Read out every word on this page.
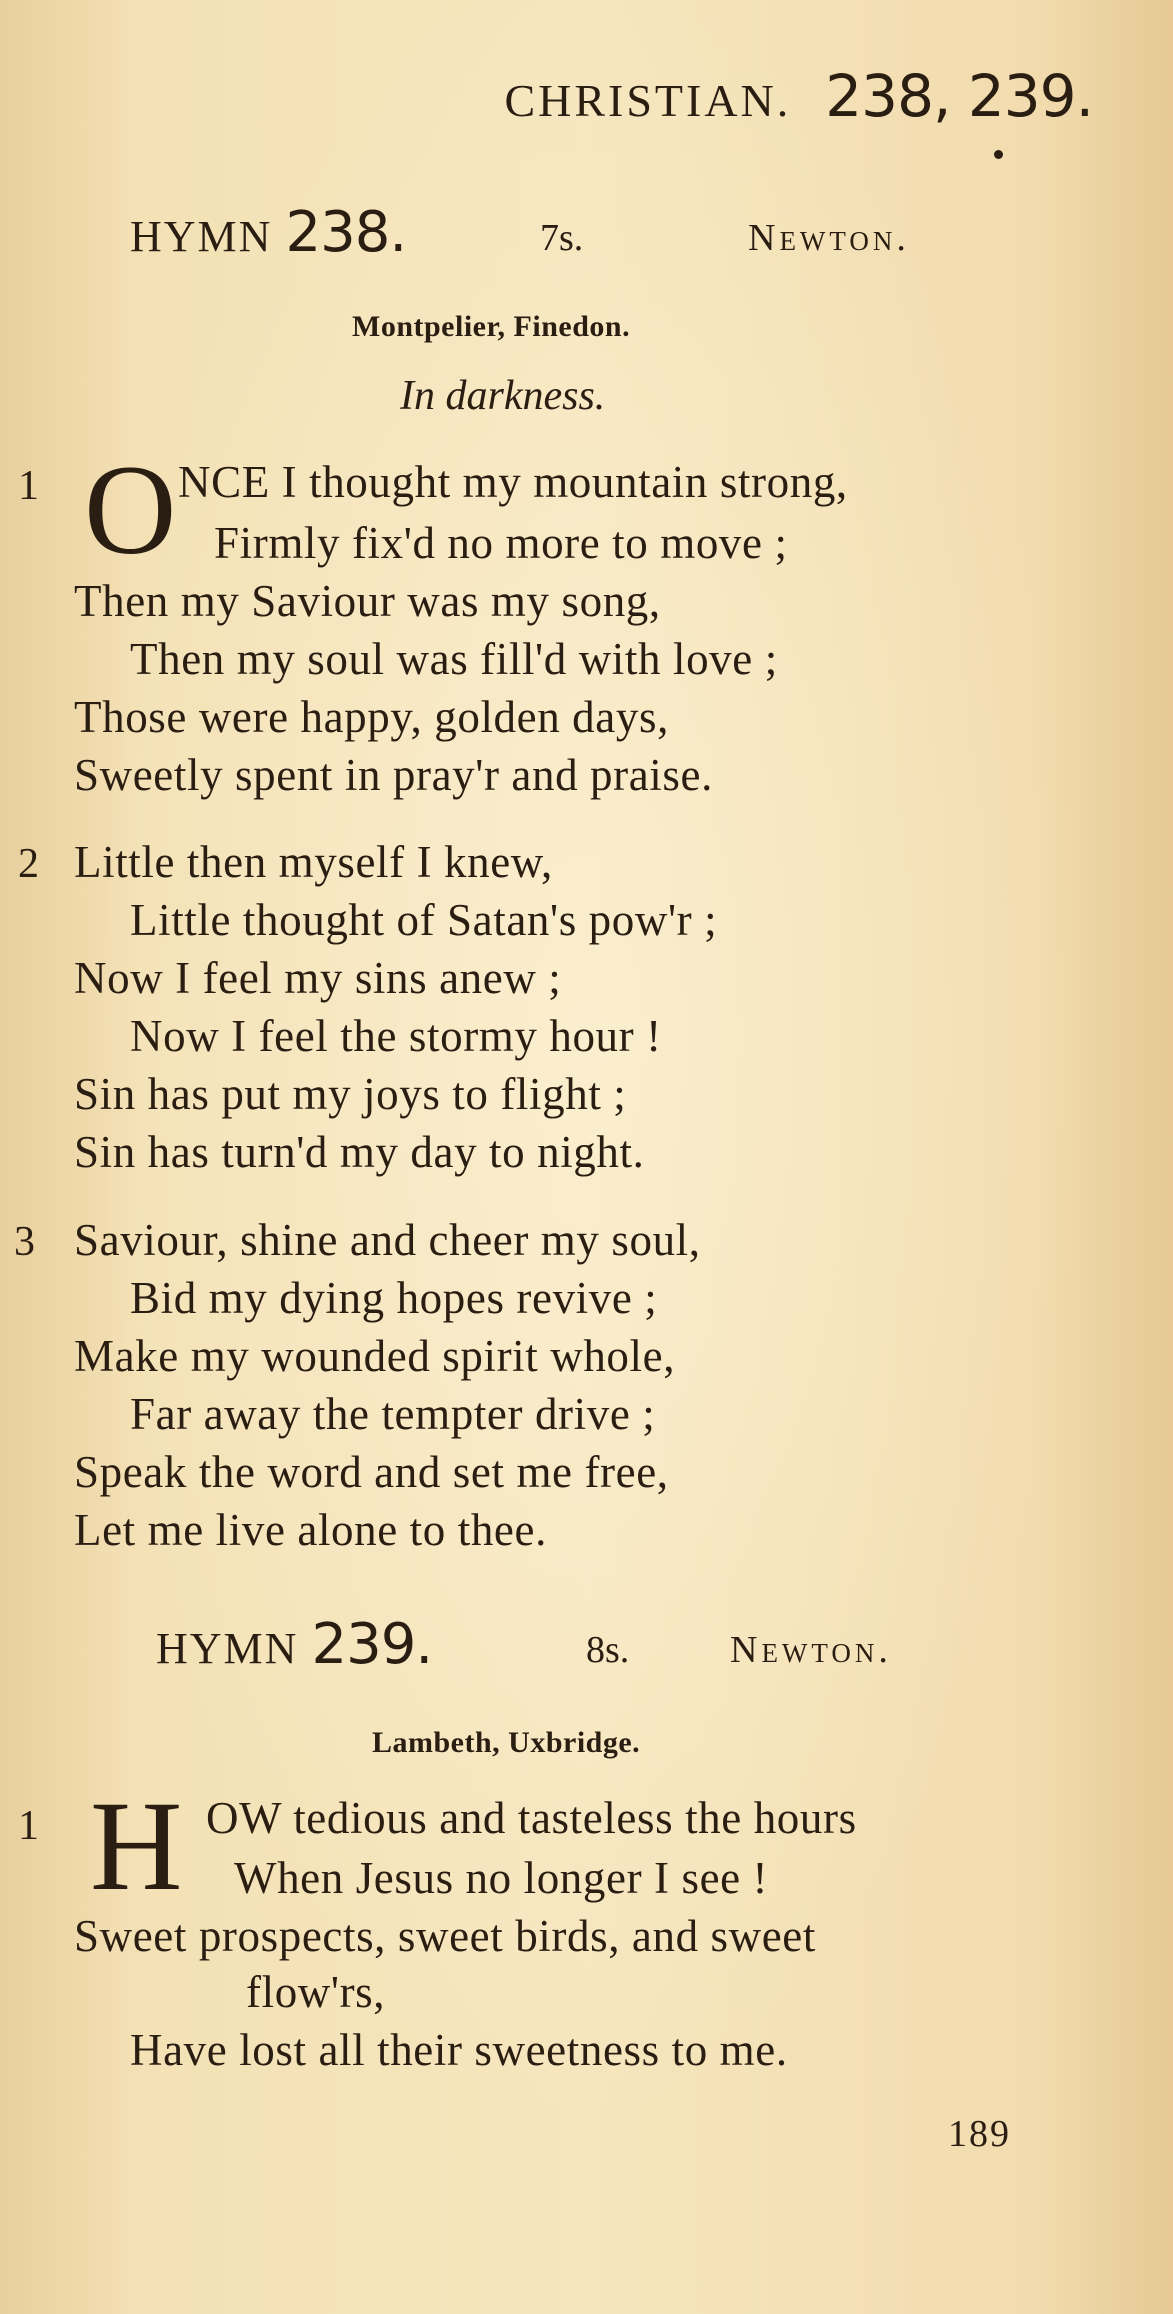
CHRISTIAN. 238, 239.
HYMN 238.	7s.	Newton.
Montpelier, Finedon.
In darkness.
1 O NCE I thought my mountain strong,
Firmly fix'd no more to move ;
Then my Saviour was my song,
Then my soul was fill'd with love ;
Those were happy, golden days,
Sweetly spent in pray'r and praise.
2 Little then myself I knew,
Little thought of Satan's pow'r ;
Now I feel my sins anew ;
Now I feel the stormy hour !
Sin has put my joys to flight ;
Sin has turn'd my day to night.
3 Saviour, shine and cheer my soul,
Bid my dying hopes revive ;
Make my wounded spirit whole,
Far away the tempter drive ;
Speak the word and set me free,
Let me live alone to thee.
HYMN 239.	8s.	Newton.
Lambeth, Uxbridge.
1 H OW tedious and tasteless the hours
When Jesus no longer I see !
Sweet prospects, sweet birds, and sweet
flow'rs,
Have lost all their sweetness to me.
189
